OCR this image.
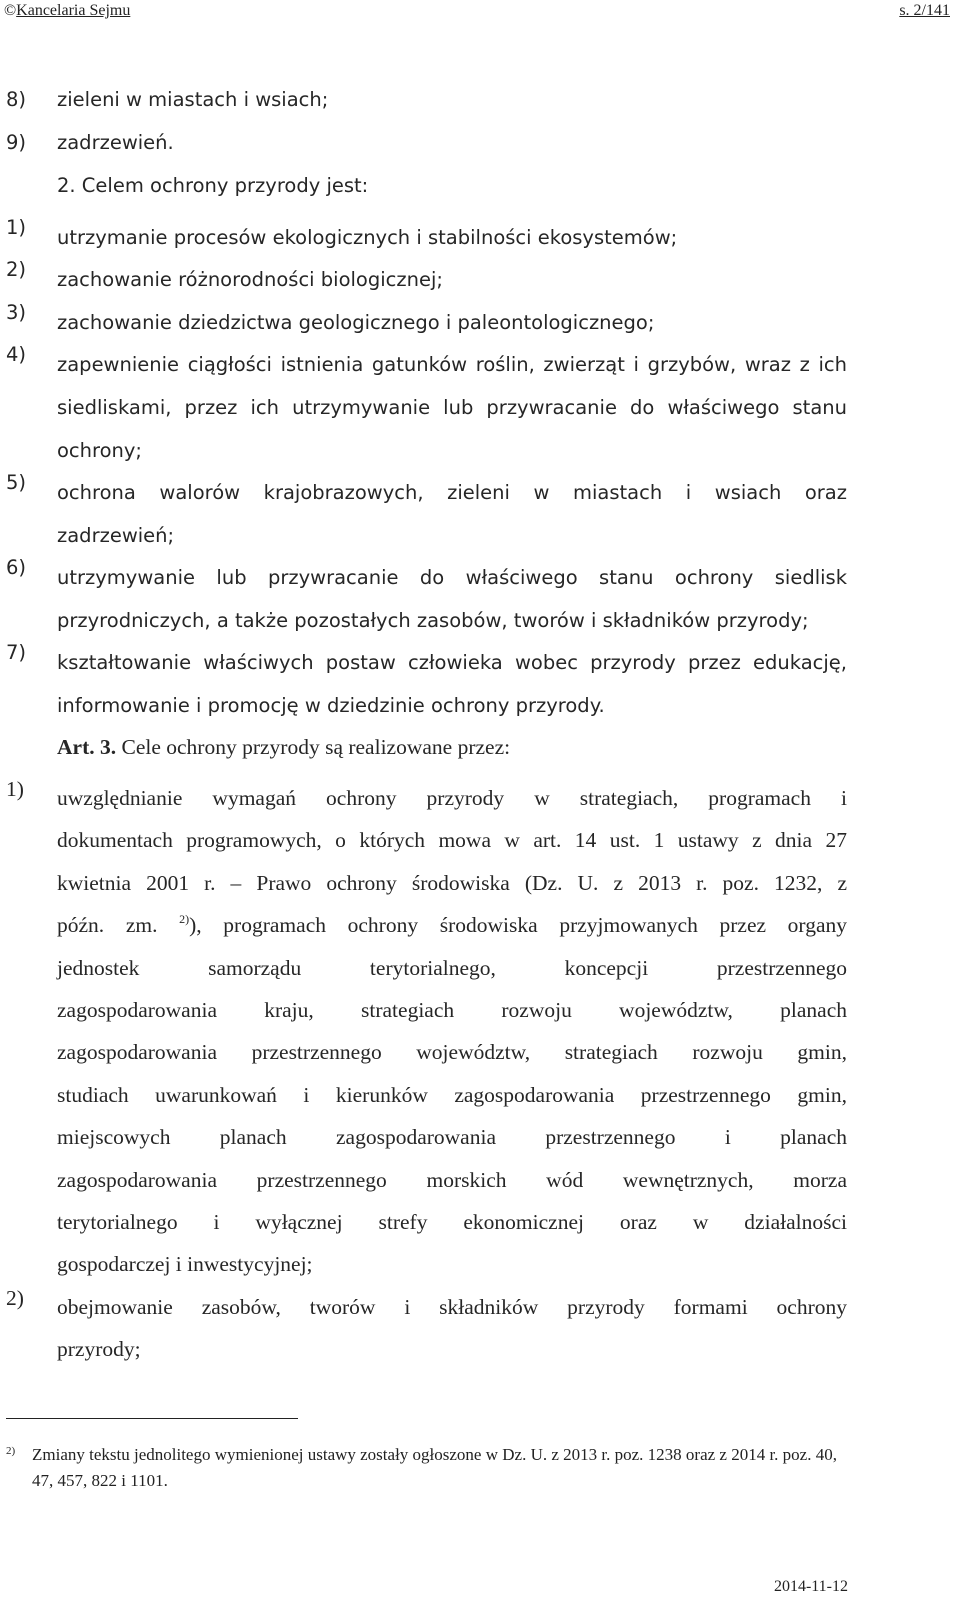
©Kancelaria Sejmu	s. 2/141
8) zieleni w miastach i wsiach;
9) zadrzewień.
2. Celem ochrony przyrody jest:
1) utrzymanie procesów ekologicznych i stabilności ekosystemów;
2) zachowanie różnorodności biologicznej;
3) zachowanie dziedzictwa geologicznego i paleontologicznego;
4) zapewnienie ciągłości istnienia gatunków roślin, zwierząt i grzybów, wraz z ich
siedliskami, przez ich utrzymywanie lub przywracanie do właściwego stanu
ochrony;
5) ochrona walorów krajobrazowych, zieleni w miastach i wsiach oraz
zadrzewień;
6) utrzymywanie lub przywracanie do właściwego stanu ochrony siedlisk
przyrodniczych, a także pozostałych zasobów, tworów i składników przyrody;
7) kształtowanie właściwych postaw człowieka wobec przyrody przez edukację,
informowanie i promocję w dziedzinie ochrony przyrody.
Art. 3. Cele ochrony przyrody są realizowane przez:
1) uwzględnianie wymagań ochrony przyrody w strategiach, programach i
dokumentach programowych, o których mowa w art. 14 ust. 1 ustawy z dnia 27
kwietnia 2001 r. – Prawo ochrony środowiska (Dz. U. z 2013 r. poz. 1232, z
późn. zm. $^{2)}$), programach ochrony środowiska przyjmowanych przez organy
jednostek samorządu terytorialnego, koncepcji przestrzennego
zagospodarowania kraju, strategiach rozwoju województw, planach
zagospodarowania przestrzennego województw, strategiach rozwoju gmin,
studiach uwarunkowań i kierunków zagospodarowania przestrzennego gmin,
miejscowych planach zagospodarowania przestrzennego i planach
zagospodarowania przestrzennego morskich wód wewnętrznych, morza
terytorialnego i wyłącznej strefy ekonomicznej oraz w działalności
gospodarczej i inwestycyjnej;
2) obejmowanie zasobów, tworów i składników przyrody formami ochrony
przyrody;
2) Zmiany tekstu jednolitego wymienionej ustawy zostały ogłoszone w Dz. U. z 2013 r. poz. 1238 oraz z 2014 r. poz. 40, 47, 457, 822 i 1101.
2014-11-12
